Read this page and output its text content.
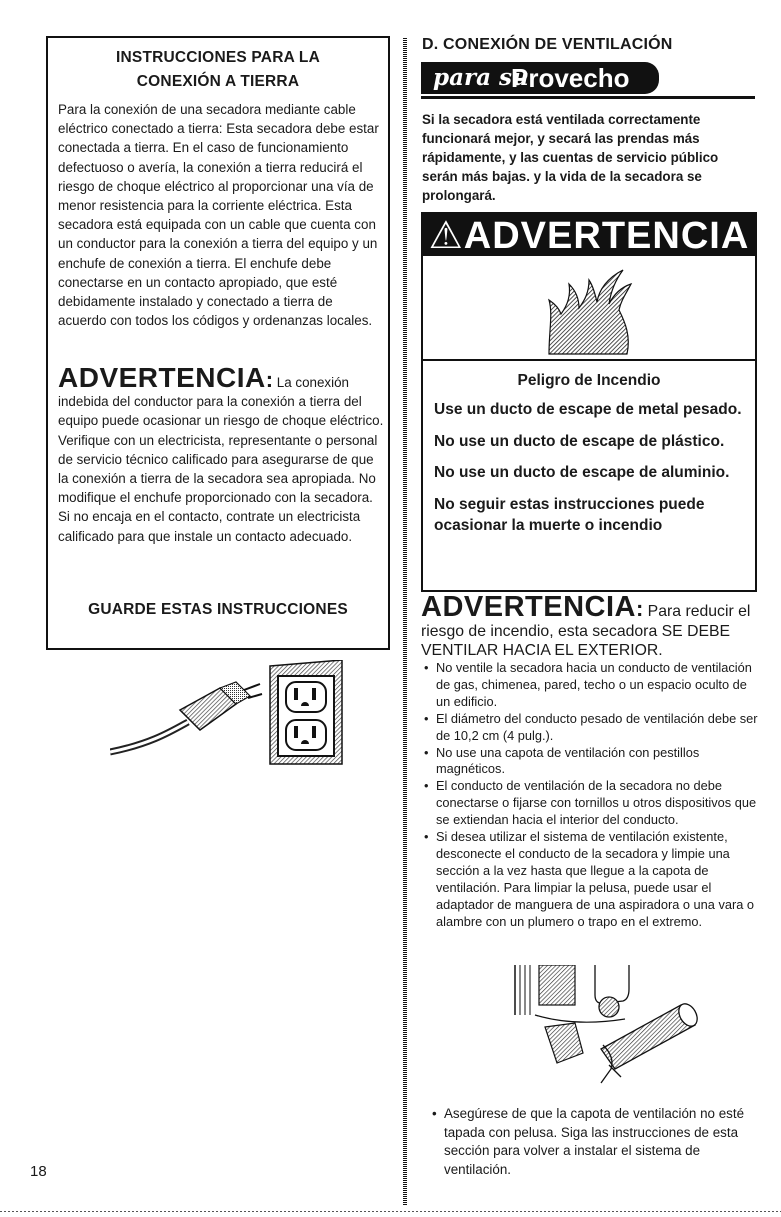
INSTRUCCIONES PARA LA
CONEXIÓN A TIERRA

Para la conexión de una secadora mediante cable eléctrico conectado a tierra: Esta secadora debe estar conectada a tierra. En el caso de funcionamiento defectuoso o avería, la conexión a tierra reducirá el riesgo de choque eléctrico al proporcionar una vía de menor resistencia para la corriente eléctrica. Esta secadora está equipada con un cable que cuenta con un conductor para la conexión a tierra del equipo y un enchufe de conexión a tierra. El enchufe debe conectarse en un contacto apropiado, que esté debidamente instalado y conectado a tierra de acuerdo con todos los códigos y ordenanzas locales.

ADVERTENCIA: La conexión indebida del conductor para la conexión a tierra del equipo puede ocasionar un riesgo de choque eléctrico. Verifique con un electricista, representante o personal de servicio técnico calificado para asegurarse de que la conexión a tierra de la secadora sea apropiada. No modifique el enchufe proporcionado con la secadora. Si no encaja en el contacto, contrate un electricista calificado para que instale un contacto adecuado.
GUARDE ESTAS INSTRUCCIONES
18
D. CONEXIÓN DE VENTILACIÓN
para su
Provecho
Si la secadora está ventilada correctamente funcionará mejor, y secará las prendas más rápidamente, y las cuentas de servicio público serán más bajas. y la vida de la secadora se prolongará.
⚠ADVERTENCIA
Peligro de Incendio

Use un ducto de escape de metal pesado.

No use un ducto de escape de plástico.

No use un ducto de escape de aluminio.

No seguir estas instrucciones puede ocasionar la muerte o incendio

ADVERTENCIA: Para reducir el riesgo de incendio, esta secadora SE DEBE VENTILAR HACIA EL EXTERIOR.
• No ventile la secadora hacia un conducto de ventilación de gas, chimenea, pared, techo o un espacio oculto de un edificio.
• El diámetro del conducto pesado de ventilación debe ser de 10,2 cm (4 pulg.).
• No use una capota de ventilación con pestillos magnéticos.
• El conducto de ventilación de la secadora no debe conectarse o fijarse con tornillos u otros dispositivos que se extiendan hacia el interior del conducto.
• Si desea utilizar el sistema de ventilación existente, desconecte el conducto de la secadora y limpie una sección a la vez hasta que llegue a la capota de ventilación. Para limpiar la pelusa, puede usar el adaptador de manguera de una aspiradora o una vara o alambre con un plumero o trapo en el extremo.
• Asegúrese de que la capota de ventilación no esté tapada con pelusa. Siga las instrucciones de esta sección para volver a instalar el sistema de ventilación.
